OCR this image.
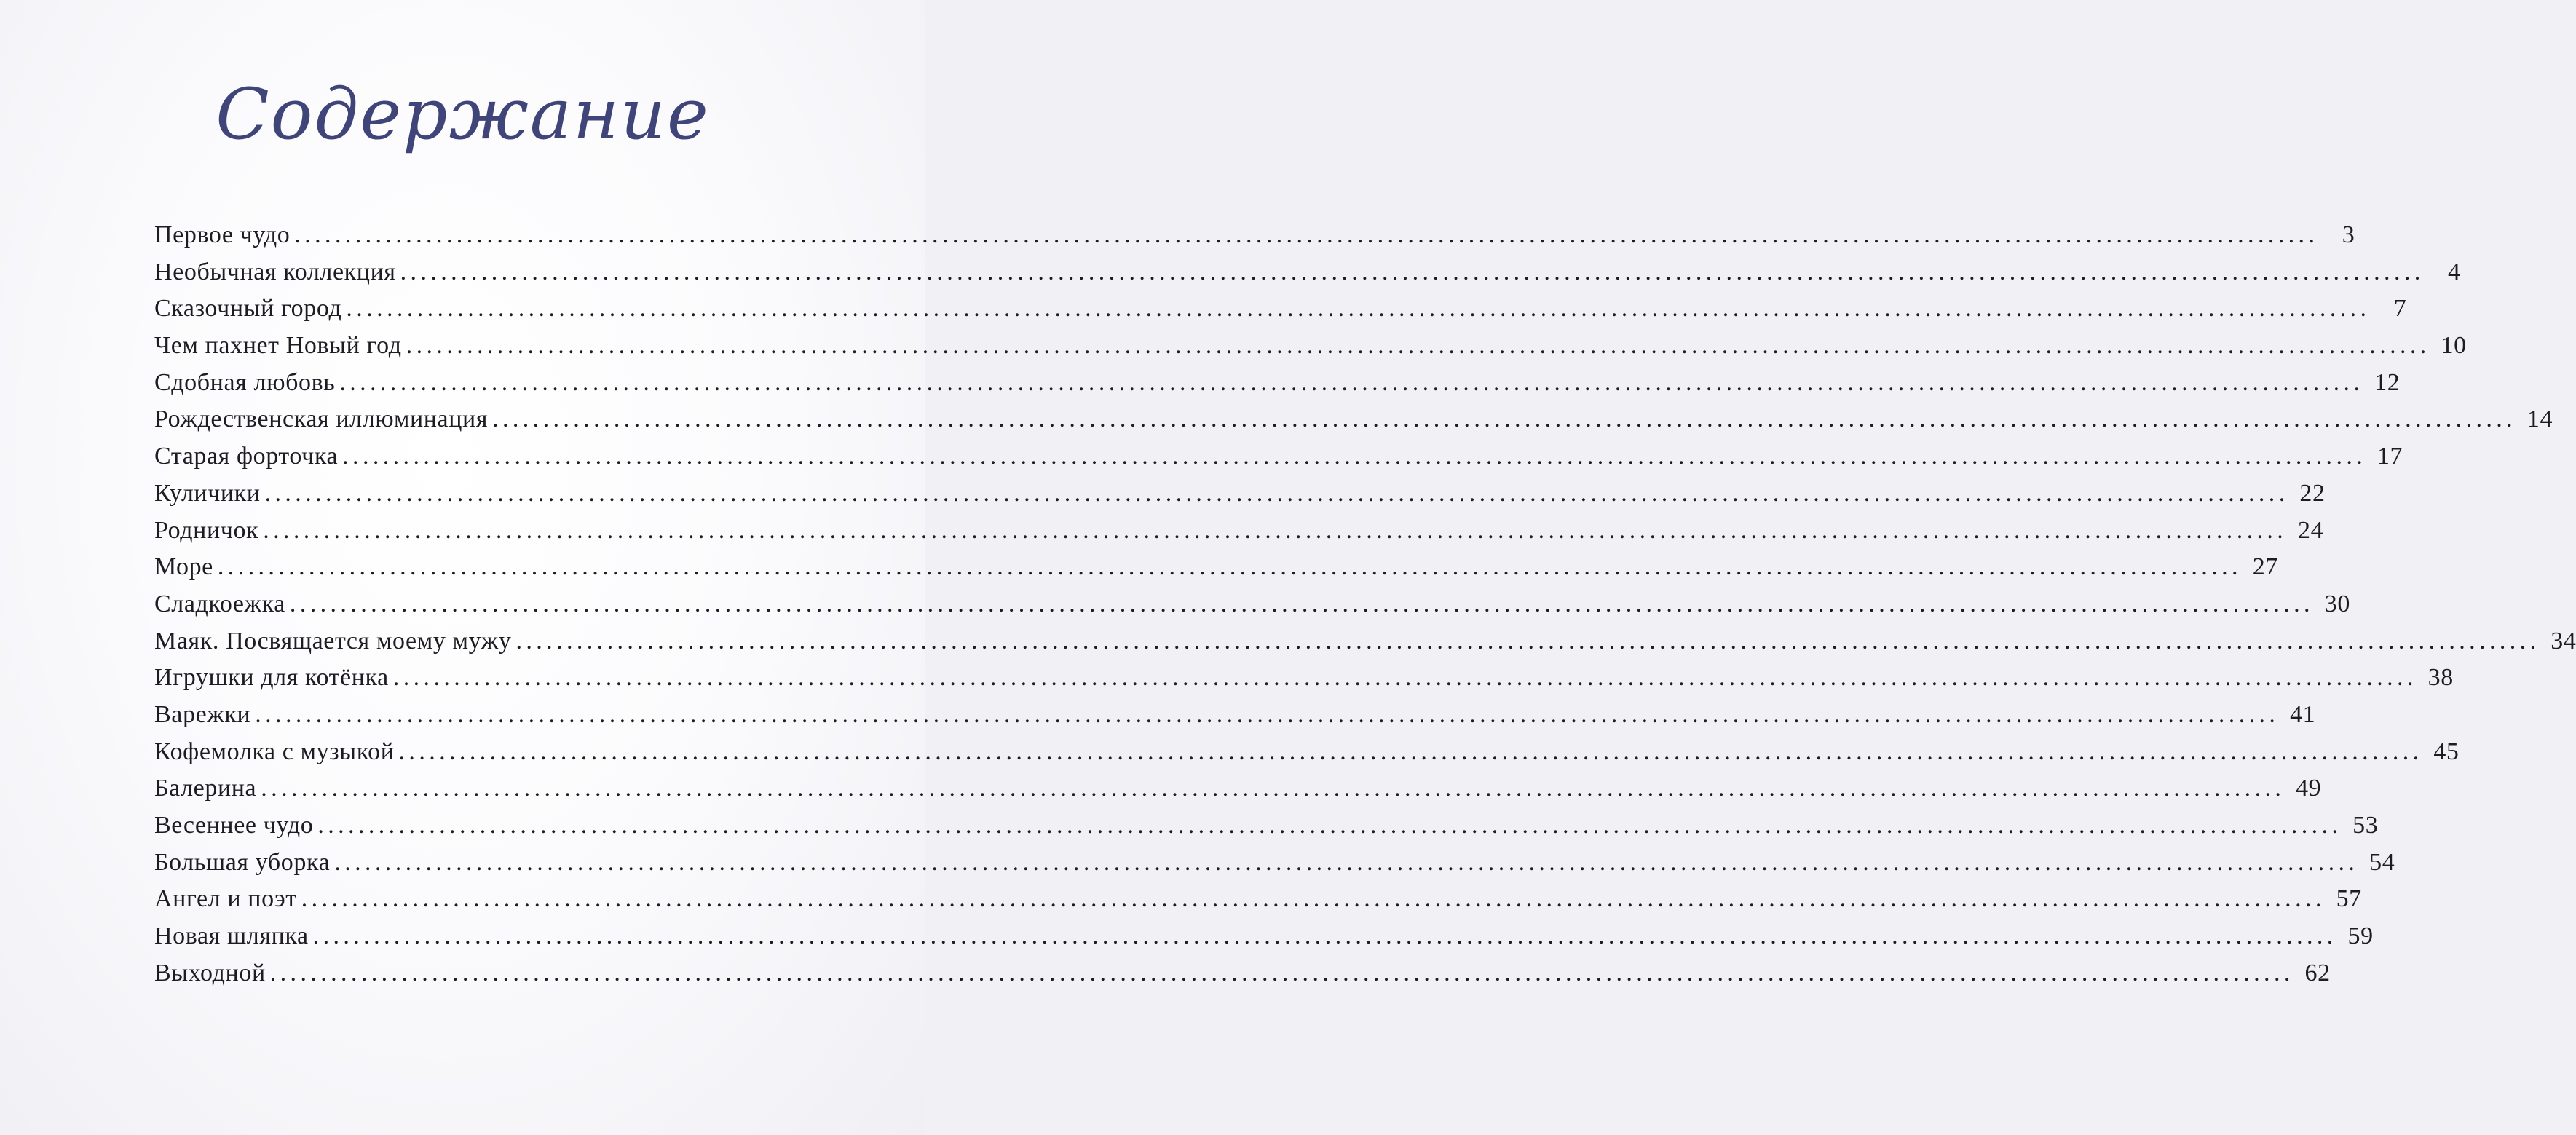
Содержание
Первое чудо ........................................................................................................................................................................................................ 3
Необычная коллекция ........................................................................................................................................................................................................ 4
Сказочный город ........................................................................................................................................................................................................ 7
Чем пахнет Новый год ........................................................................................................................................................................................................ 10
Сдобная любовь ........................................................................................................................................................................................................ 12
Рождественская иллюминация ........................................................................................................................................................................................................ 14
Старая форточка ........................................................................................................................................................................................................ 17
Куличики ........................................................................................................................................................................................................ 22
Родничок ........................................................................................................................................................................................................ 24
Море ........................................................................................................................................................................................................ 27
Сладкоежка ........................................................................................................................................................................................................ 30
Маяк. Посвящается моему мужу ........................................................................................................................................................................................................ 34
Игрушки для котёнка ........................................................................................................................................................................................................ 38
Варежки ........................................................................................................................................................................................................ 41
Кофемолка с музыкой ........................................................................................................................................................................................................ 45
Балерина ........................................................................................................................................................................................................ 49
Весеннее чудо ........................................................................................................................................................................................................ 53
Большая уборка ........................................................................................................................................................................................................ 54
Ангел и поэт ........................................................................................................................................................................................................ 57
Новая шляпка ........................................................................................................................................................................................................ 59
Выходной ........................................................................................................................................................................................................ 62
